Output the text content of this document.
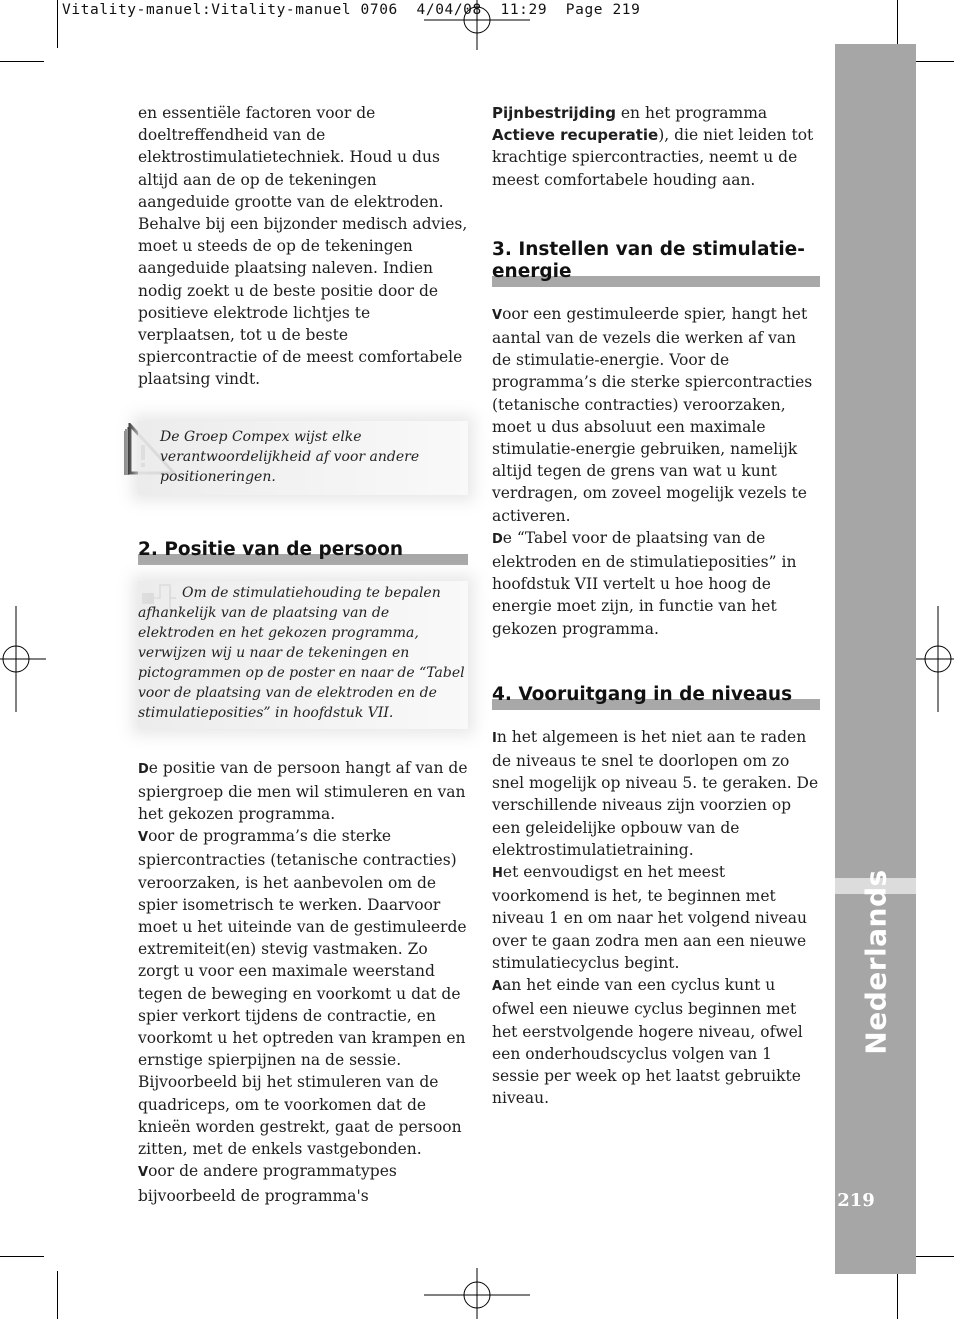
Vitality-manuel:Vitality-manuel 0706  4/04/08  11:29  Page 219
Nederlands
219

en essentiële factoren voor de doeltreffendheid van de elektrostimulatietechniek. Houd u dus altijd aan de op de tekeningen aangeduide grootte van de elektroden. Behalve bij een bijzonder medisch advies, moet u steeds de op de tekeningen aangeduide plaatsing naleven. Indien nodig zoekt u de beste positie door de positieve elektrode lichtjes te verplaatsen, tot u de beste spiercontractie of de meest comfortabele plaatsing vindt.

De Groep Compex wijst elke verantwoordelijkheid af voor andere positioneringen.

2. Positie van de persoon

Om de stimulatiehouding te bepalen afhankelijk van de plaatsing van de elektroden en het gekozen programma, verwijzen wij u naar de tekeningen en pictogrammen op de poster en naar de “Tabel voor de plaatsing van de elektroden en de stimulatieposities” in hoofdstuk VII.

De positie van de persoon hangt af van de spiergroep die men wil stimuleren en van het gekozen programma.

Voor de programma’s die sterke spiercontracties (tetanische contracties) veroorzaken, is het aanbevolen om de spier isometrisch te werken. Daarvoor moet u het uiteinde van de gestimuleerde extremiteit(en) stevig vastmaken. Zo zorgt u voor een maximale weerstand tegen de beweging en voorkomt u dat de spier verkort tijdens de contractie, en voorkomt u het optreden van krampen en ernstige spierpijnen na de sessie. Bijvoorbeeld bij het stimuleren van de quadriceps, om te voorkomen dat de knieën worden gestrekt, gaat de persoon zitten, met de enkels vastgebonden.

Voor de andere programmatypes bijvoorbeeld de programma's

Pijnbestrijding en het programma Actieve recuperatie), die niet leiden tot krachtige spiercontracties, neemt u de meest comfortabele houding aan.

3. Instellen van de stimulatie-energie

Voor een gestimuleerde spier, hangt het aantal van de vezels die werken af van de stimulatie-energie. Voor de programma’s die sterke spiercontracties (tetanische contracties) veroorzaken, moet u dus absoluut een maximale stimulatie-energie gebruiken, namelijk altijd tegen de grens van wat u kunt verdragen, om zoveel mogelijk vezels te activeren.

De “Tabel voor de plaatsing van de elektroden en de stimulatieposities” in hoofdstuk VII vertelt u hoe hoog de energie moet zijn, in functie van het gekozen programma.

4. Vooruitgang in de niveaus

In het algemeen is het niet aan te raden de niveaus te snel te doorlopen om zo snel mogelijk op niveau 5. te geraken. De verschillende niveaus zijn voorzien op een geleidelijke opbouw van de elektrostimulatietraining.

Het eenvoudigst en het meest voorkomend is het, te beginnen met niveau 1 en om naar het volgend niveau over te gaan zodra men aan een nieuwe stimulatiecyclus begint.

Aan het einde van een cyclus kunt u ofwel een nieuwe cyclus beginnen met het eerstvolgende hogere niveau, ofwel een onderhoudscyclus volgen van 1 sessie per week op het laatst gebruikte niveau.
